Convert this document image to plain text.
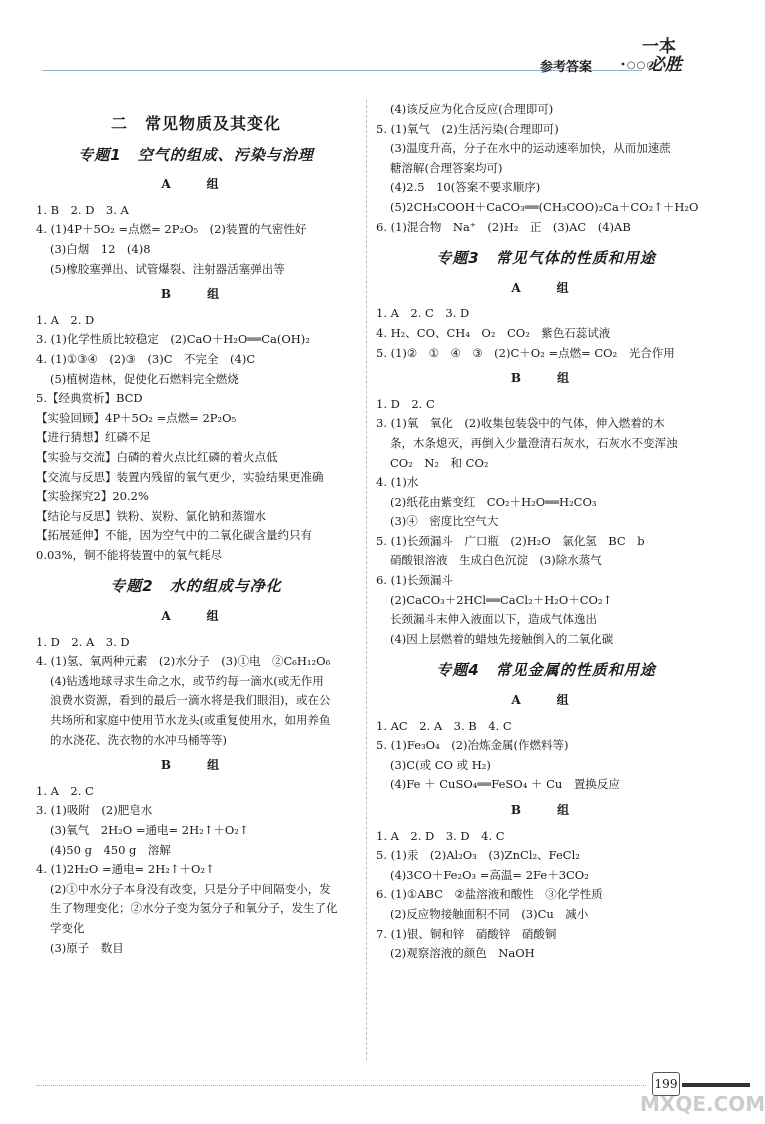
参考答案	•○○○
一本
必胜
二　常见物质及其变化
专题1　空气的组成、污染与治理
A　组
1. B　2. D　3. A
4. (1)4P＋5O₂ =点燃= 2P₂O₅　(2)装置的气密性好
(3)白烟　12　(4)8
(5)橡胶塞弹出、试管爆裂、注射器活塞弹出等
B　组
1. A　2. D
3. (1)化学性质比较稳定　(2)CaO＋H₂O══Ca(OH)₂
4. (1)①③④　(2)③　(3)C　不完全　(4)C
(5)植树造林，促使化石燃料完全燃烧
5.【经典赏析】BCD
【实验回顾】4P＋5O₂ =点燃= 2P₂O₅
【进行猜想】红磷不足
【实验与交流】白磷的着火点比红磷的着火点低
【交流与反思】装置内残留的氧气更少，实验结果更准确
【实验探究2】20.2%
【结论与反思】铁粉、炭粉、氯化钠和蒸馏水
【拓展延伸】不能，因为空气中的二氧化碳含量约只有
0.03%，铜不能将装置中的氧气耗尽
专题2　水的组成与净化
A　组
1. D　2. A　3. D
4. (1)氢、氧两种元素　(2)水分子　(3)①电　②C₆H₁₂O₆
(4)钻透地球寻求生命之水，或节约每一滴水(或无作用
浪费水资源，看到的最后一滴水将是我们眼泪)，或在公
共场所和家庭中使用节水龙头(或重复使用水，如用养鱼
的水浇花、洗衣物的水冲马桶等等)
B　组
1. A　2. C
3. (1)吸附　(2)肥皂水
(3)氧气　2H₂O =通电= 2H₂↑＋O₂↑
(4)50 g　450 g　溶解
4. (1)2H₂O =通电= 2H₂↑＋O₂↑
(2)①中水分子本身没有改变，只是分子中间隔变小，发
生了物理变化；②水分子变为氢分子和氧分子，发生了化
学变化
(3)原子　数目
(4)该反应为化合反应(合理即可)
5. (1)氧气　(2)生活污染(合理即可)
(3)温度升高，分子在水中的运动速率加快，从而加速蔗
糖溶解(合理答案均可)
(4)2.5　10(答案不要求顺序)
(5)2CH₃COOH＋CaCO₃══(CH₃COO)₂Ca＋CO₂↑＋H₂O
6. (1)混合物　Na⁺　(2)H₂　正　(3)AC　(4)AB
专题3　常见气体的性质和用途
A　组
1. A　2. C　3. D
4. H₂、CO、CH₄　O₂　CO₂　紫色石蕊试液
5. (1)②　①　④　③　(2)C＋O₂ =点燃= CO₂　光合作用
B　组
1. D　2. C
3. (1)氧　氧化　(2)收集包装袋中的气体，伸入燃着的木
条，木条熄灭，再倒入少量澄清石灰水，石灰水不变浑浊
CO₂　N₂　和 CO₂
4. (1)水
(2)纸花由紫变红　CO₂＋H₂O══H₂CO₃
(3)④　密度比空气大
5. (1)长颈漏斗　广口瓶　(2)H₂O　氯化氢　BC　b
硝酸银溶液　生成白色沉淀　(3)除水蒸气
6. (1)长颈漏斗
(2)CaCO₃＋2HCl══CaCl₂＋H₂O＋CO₂↑
长颈漏斗末伸入液面以下，造成气体逸出
(4)因上层燃着的蜡烛先接触倒入的二氧化碳
专题4　常见金属的性质和用途
A　组
1. AC　2. A　3. B　4. C
5. (1)Fe₃O₄　(2)冶炼金属(作燃料等)
(3)C(或 CO 或 H₂)
(4)Fe ＋ CuSO₄══FeSO₄ ＋ Cu　置换反应
B　组
1. A　2. D　3. D　4. C
5. (1)汞　(2)Al₂O₃　(3)ZnCl₂、FeCl₂
(4)3CO＋Fe₂O₃ =高温= 2Fe＋3CO₂
6. (1)①ABC　②盐溶液和酸性　③化学性质
(2)反应物接触面积不同　(3)Cu　减小
7. (1)银、铜和锌　硝酸锌　硝酸铜
(2)观察溶液的颜色　NaOH
199
MXQE.COM
